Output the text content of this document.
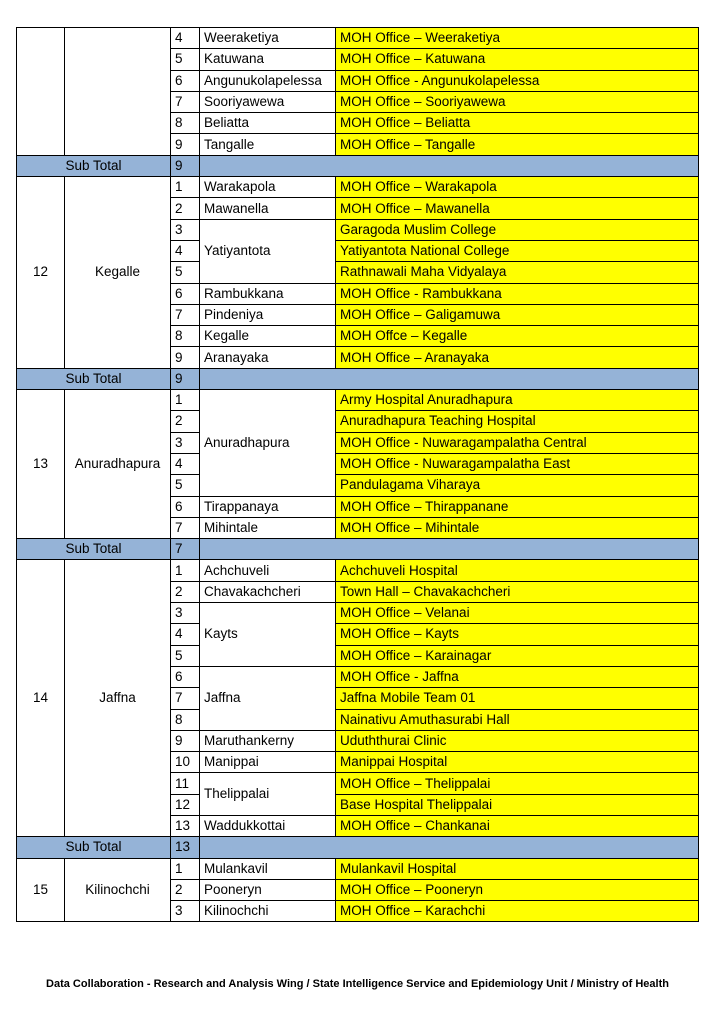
		4	Weeraketiya	MOH Office – Weeraketiya
		5	Katuwana	MOH Office – Katuwana
		6	Angunukolapelessa	MOH Office - Angunukolapelessa
		7	Sooriyawewa	MOH Office – Sooriyawewa
		8	Beliatta	MOH Office – Beliatta
		9	Tangalle	MOH Office – Tangalle
Sub Total		9		
12	Kegalle	1	Warakapola	MOH Office – Warakapola
		2	Mawanella	MOH Office – Mawanella
		3	Yatiyantota	Garagoda Muslim College
		4		Yatiyantota National College
		5		Rathnawali Maha Vidyalaya
		6	Rambukkana	MOH Office - Rambukkana
		7	Pindeniya	MOH Office – Galigamuwa
		8	Kegalle	MOH Offce – Kegalle
		9	Aranayaka	MOH Office – Aranayaka
Sub Total		9		
13	Anuradhapura	1	Anuradhapura	Army Hospital Anuradhapura
		2		Anuradhapura Teaching Hospital
		3		MOH Office - Nuwaragampalatha Central
		4		MOH Office - Nuwaragampalatha East
		5		Pandulagama Viharaya
		6	Tirappanaya	MOH Office – Thirappanane
		7	Mihintale	MOH Office – Mihintale
Sub Total		7		
14	Jaffna	1	Achchuveli	Achchuveli Hospital
		2	Chavakachcheri	Town Hall – Chavakachcheri
		3	Kayts	MOH Office – Velanai
		4		MOH Office – Kayts
		5		MOH Office – Karainagar
		6	Jaffna	MOH Office - Jaffna
		7		Jaffna Mobile Team 01
		8		Nainativu Amuthasurabi Hall
		9	Maruthankerny	Uduththurai Clinic
		10	Manippai	Manippai Hospital
		11	Thelippalai	MOH Office – Thelippalai
		12		Base Hospital Thelippalai
		13	Waddukkottai	MOH Office – Chankanai
Sub Total		13		
15	Kilinochchi	1	Mulankavil	Mulankavil Hospital
		2	Pooneryn	MOH Office – Pooneryn
		3	Kilinochchi	MOH Office – Karachchi
Data Collaboration - Research and Analysis Wing / State Intelligence Service and Epidemiology Unit / Ministry of Health
